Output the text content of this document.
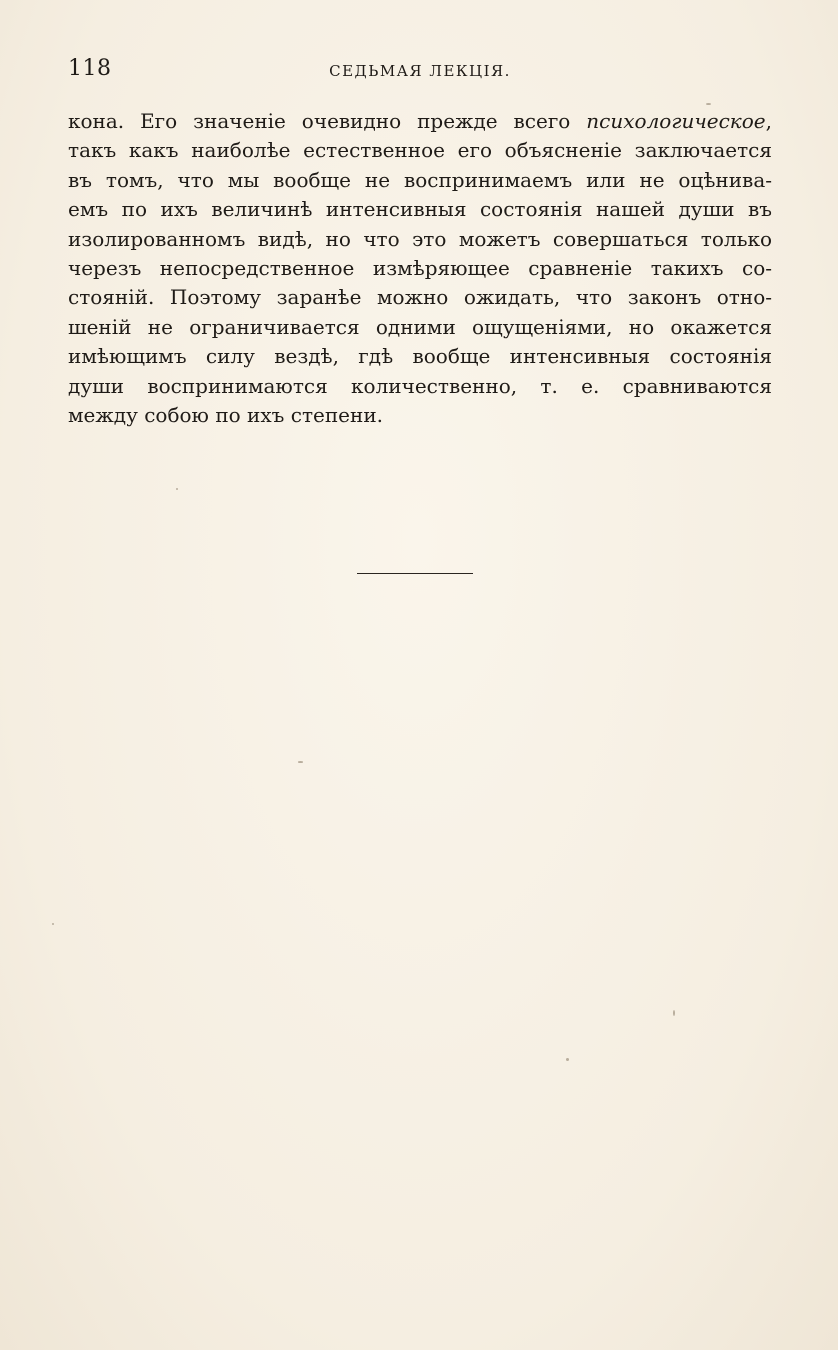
118	СЕДЬМАЯ ЛЕКЦІЯ.
кона. Его значеніе очевидно прежде всего психологическое,
такъ какъ наиболѣе естественное его объясненіе заключается
въ томъ, что мы вообще не воспринимаемъ или не оцѣнива-
емъ по ихъ величинѣ интенсивныя состоянія нашей души въ
изолированномъ видѣ, но что это можетъ совершаться только
черезъ непосредственное измѣряющее сравненіе такихъ со-
стояній. Поэтому заранѣе можно ожидать, что законъ отно-
шеній не ограничивается одними ощущеніями, но окажется
имѣющимъ силу вездѣ, гдѣ вообще интенсивныя состоянія
души воспринимаются количественно, т. е. сравниваются
между собою по ихъ степени.
